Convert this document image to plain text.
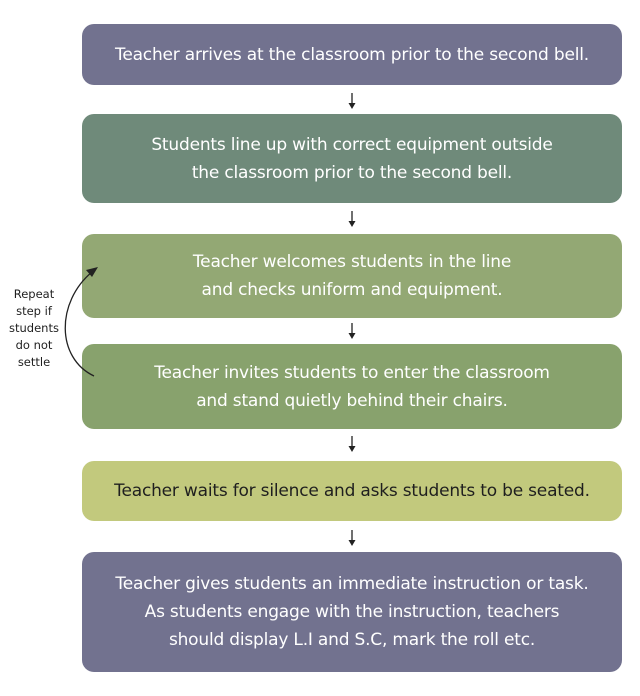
Teacher arrives at the classroom prior to the second bell.
Students line up with correct equipment outside
the classroom prior to the second bell.
Teacher welcomes students in the line
and checks uniform and equipment.
Teacher invites students to enter the classroom
and stand quietly behind their chairs.
Teacher waits for silence and asks students to be seated.
Teacher gives students an immediate instruction or task.
As students engage with the instruction, teachers
should display L.I and S.C, mark the roll etc.
Repeat
step if
students
do not
settle
